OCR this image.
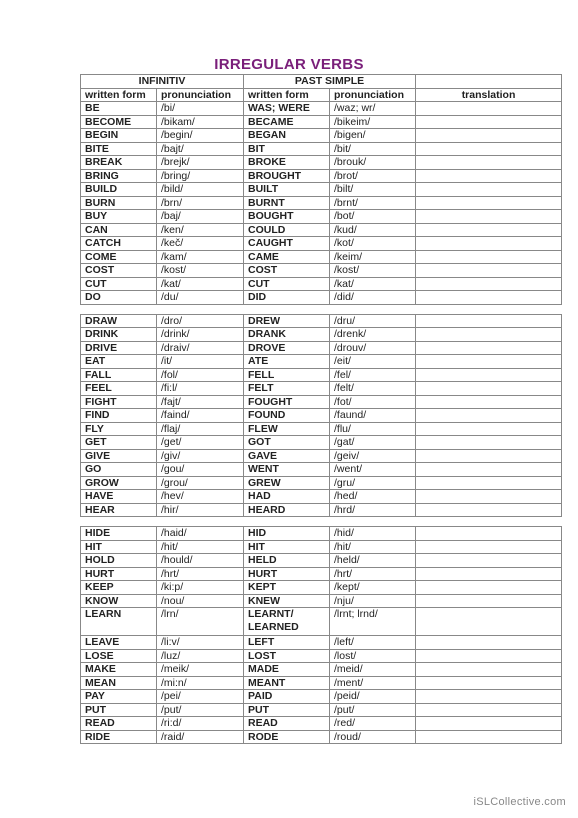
IRREGULAR VERBS
INFINITIV		PAST SIMPLE		
written form	pronunciation	written form	pronunciation	translation
BE	/bi/	WAS; WERE	/waz; wr/	
BECOME	/bikam/	BECAME	/bikeim/	
BEGIN	/begin/	BEGAN	/bigen/	
BITE	/bajt/	BIT	/bit/	
BREAK	/brejk/	BROKE	/brouk/	
BRING	/bring/	BROUGHT	/brot/	
BUILD	/bild/	BUILT	/bilt/	
BURN	/brn/	BURNT	/brnt/	
BUY	/baj/	BOUGHT	/bot/	
CAN	/ken/	COULD	/kud/	
CATCH	/keč/	CAUGHT	/kot/	
COME	/kam/	CAME	/keim/	
COST	/kost/	COST	/kost/	
CUT	/kat/	CUT	/kat/	
DO	/du/	DID	/did/	

DRAW	/dro/	DREW	/dru/	
DRINK	/drink/	DRANK	/drenk/	
DRIVE	/draiv/	DROVE	/drouv/	
EAT	/it/	ATE	/eit/	
FALL	/fol/	FELL	/fel/	
FEEL	/fi:l/	FELT	/felt/	
FIGHT	/fajt/	FOUGHT	/fot/	
FIND	/faind/	FOUND	/faund/	
FLY	/flaj/	FLEW	/flu/	
GET	/get/	GOT	/gat/	
GIVE	/giv/	GAVE	/geiv/	
GO	/gou/	WENT	/went/	
GROW	/grou/	GREW	/gru/	
HAVE	/hev/	HAD	/hed/	
HEAR	/hir/	HEARD	/hrd/	

HIDE	/haid/	HID	/hid/	
HIT	/hit/	HIT	/hit/	
HOLD	/hould/	HELD	/held/	
HURT	/hrt/	HURT	/hrt/	
KEEP	/ki:p/	KEPT	/kept/	
KNOW	/nou/	KNEW	/nju/	
LEARN	/lrn/	LEARNT/ LEARNED	/lrnt; lrnd/	
LEAVE	/li:v/	LEFT	/left/	
LOSE	/luz/	LOST	/lost/	
MAKE	/meik/	MADE	/meid/	
MEAN	/mi:n/	MEANT	/ment/	
PAY	/pei/	PAID	/peid/	
PUT	/put/	PUT	/put/	
READ	/ri:d/	READ	/red/	
RIDE	/raid/	RODE	/roud/	
iSLCollective.com
